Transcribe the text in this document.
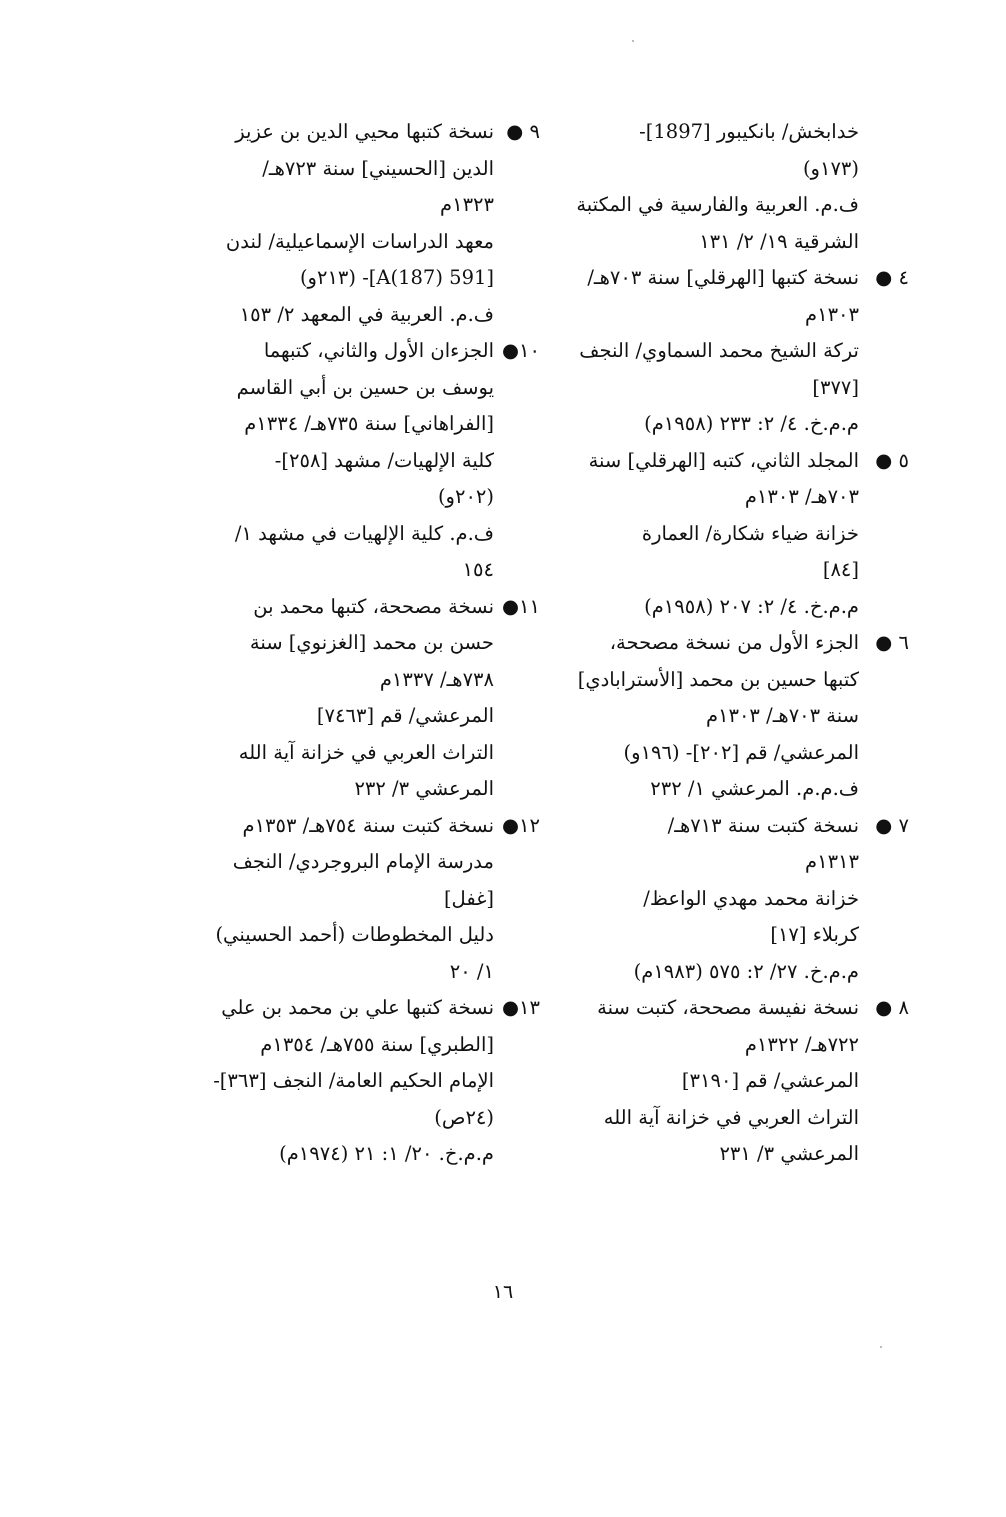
خدابخش/ بانكيبور [1897]-
(١٧٣و)
ف.م. العربية والفارسية في المكتبة
الشرقية ١٩/ ٢/ ١٣١
نسخة كتبها [الهرقلي] سنة ٧٠٣هـ/ ٤ ●
١٣٠٣م
تركة الشيخ محمد السماوي/ النجف
[٣٧٧]
م.م.خ. ٤/ ٢: ٢٣٣ (١٩٥٨م)
المجلد الثاني، كتبه [الهرقلي] سنة ٥ ●
٧٠٣هـ/ ١٣٠٣م
خزانة ضياء شكارة/ العمارة
[٨٤]
م.م.خ. ٤/ ٢: ٢٠٧ (١٩٥٨م)
الجزء الأول من نسخة مصححة، ٦ ●
كتبها حسين بن محمد [الأسترابادي]
سنة ٧٠٣هـ/ ١٣٠٣م
المرعشي/ قم [٢٠٢]- (١٩٦و)
ف.م.م. المرعشي ١/ ٢٣٢
نسخة كتبت سنة ٧١٣هـ/ ٧ ●
١٣١٣م
خزانة محمد مهدي الواعظ/
كربلاء [١٧]
م.م.خ. ٢٧/ ٢: ٥٧٥ (١٩٨٣م)
نسخة نفيسة مصححة، كتبت سنة ٨ ●
٧٢٢هـ/ ١٣٢٢م
المرعشي/ قم [٣١٩٠]
التراث العربي في خزانة آية الله
المرعشي ٣/ ٢٣١
نسخة كتبها محيي الدين بن عزيز ٩ ●
الدين [الحسيني] سنة ٧٢٣هـ/
١٣٢٣م
معهد الدراسات الإسماعيلية/ لندن
[591 A(187)]- (٢١٣و)
ف.م. العربية في المعهد ٢/ ١٥٣
الجزءان الأول والثاني، كتبهما ١٠●
يوسف بن حسين بن أبي القاسم
[الفراهاني] سنة ٧٣٥هـ/ ١٣٣٤م
كلية الإلهيات/ مشهد [٢٥٨]-
(٢٠٢و)
ف.م. كلية الإلهيات في مشهد ١/
١٥٤
نسخة مصححة، كتبها محمد بن ١١●
حسن بن محمد [الغزنوي] سنة
٧٣٨هـ/ ١٣٣٧م
المرعشي/ قم [٧٤٦٣]
التراث العربي في خزانة آية الله
المرعشي ٣/ ٢٣٢
نسخة كتبت سنة ٧٥٤هـ/ ١٣٥٣م ١٢●
مدرسة الإمام البروجردي/ النجف
[غفل]
دليل المخطوطات (أحمد الحسيني)
١/ ٢٠
نسخة كتبها علي بن محمد بن علي ١٣●
[الطبري] سنة ٧٥٥هـ/ ١٣٥٤م
الإمام الحكيم العامة/ النجف [٣٦٣]-
(٢٤ص)
م.م.خ. ٢٠/ ١: ٢١ (١٩٧٤م)
١٦
